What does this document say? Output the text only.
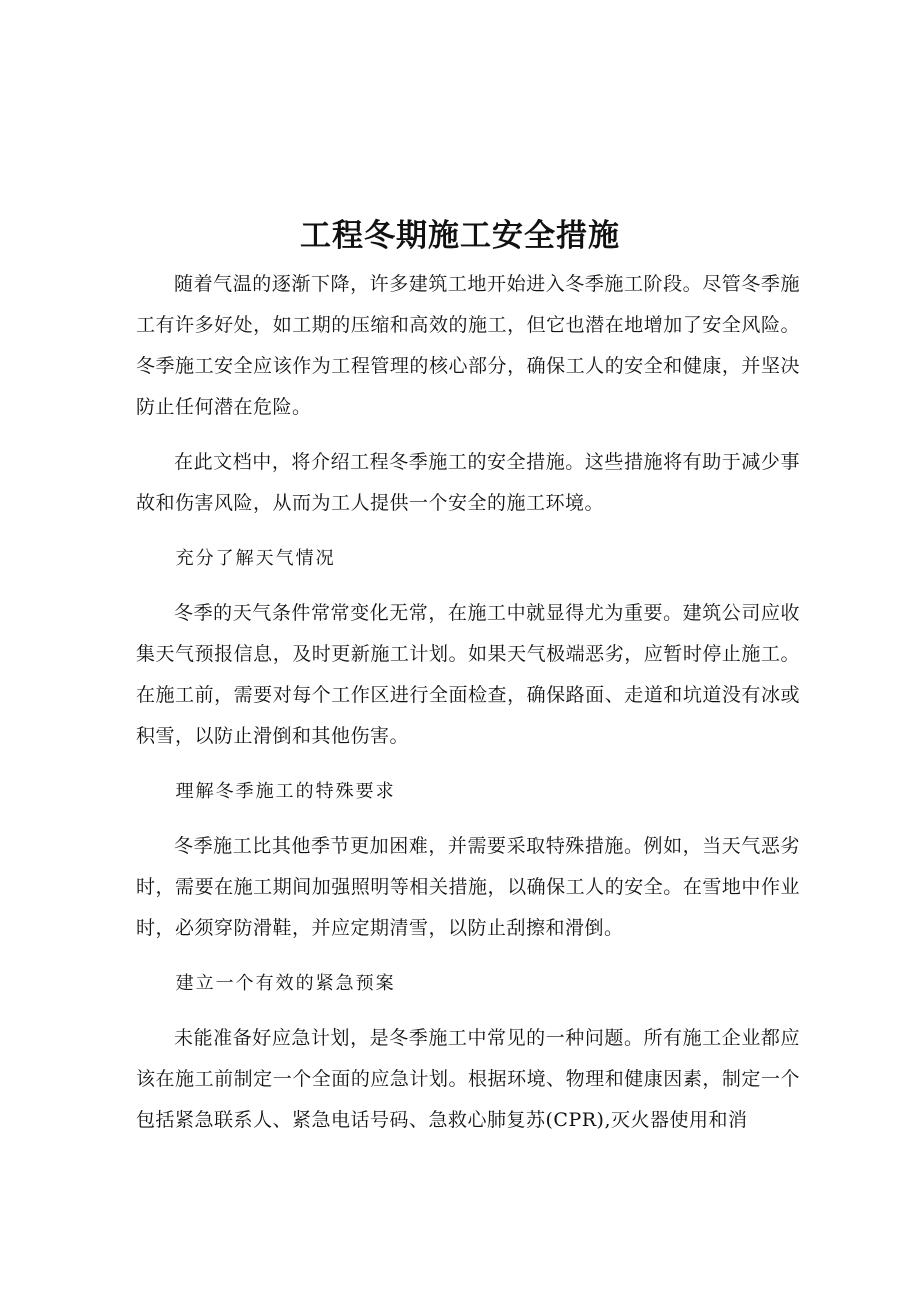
工程冬期施工安全措施

随着气温的逐渐下降，许多建筑工地开始进入冬季施工阶段。尽管冬季施工有许多好处，如工期的压缩和高效的施工，但它也潜在地增加了安全风险。冬季施工安全应该作为工程管理的核心部分，确保工人的安全和健康，并坚决防止任何潜在危险。

在此文档中，将介绍工程冬季施工的安全措施。这些措施将有助于减少事故和伤害风险，从而为工人提供一个安全的施工环境。

充分了解天气情况

冬季的天气条件常常变化无常，在施工中就显得尤为重要。建筑公司应收集天气预报信息，及时更新施工计划。如果天气极端恶劣，应暂时停止施工。在施工前，需要对每个工作区进行全面检查，确保路面、走道和坑道没有冰或积雪，以防止滑倒和其他伤害。

理解冬季施工的特殊要求

冬季施工比其他季节更加困难，并需要采取特殊措施。例如，当天气恶劣时，需要在施工期间加强照明等相关措施，以确保工人的安全。在雪地中作业时，必须穿防滑鞋，并应定期清雪，以防止刮擦和滑倒。

建立一个有效的紧急预案

未能准备好应急计划，是冬季施工中常见的一种问题。所有施工企业都应该在施工前制定一个全面的应急计划。根据环境、物理和健康因素，制定一个包括紧急联系人、紧急电话号码、急救心肺复苏(CPR),灭火器使用和消
